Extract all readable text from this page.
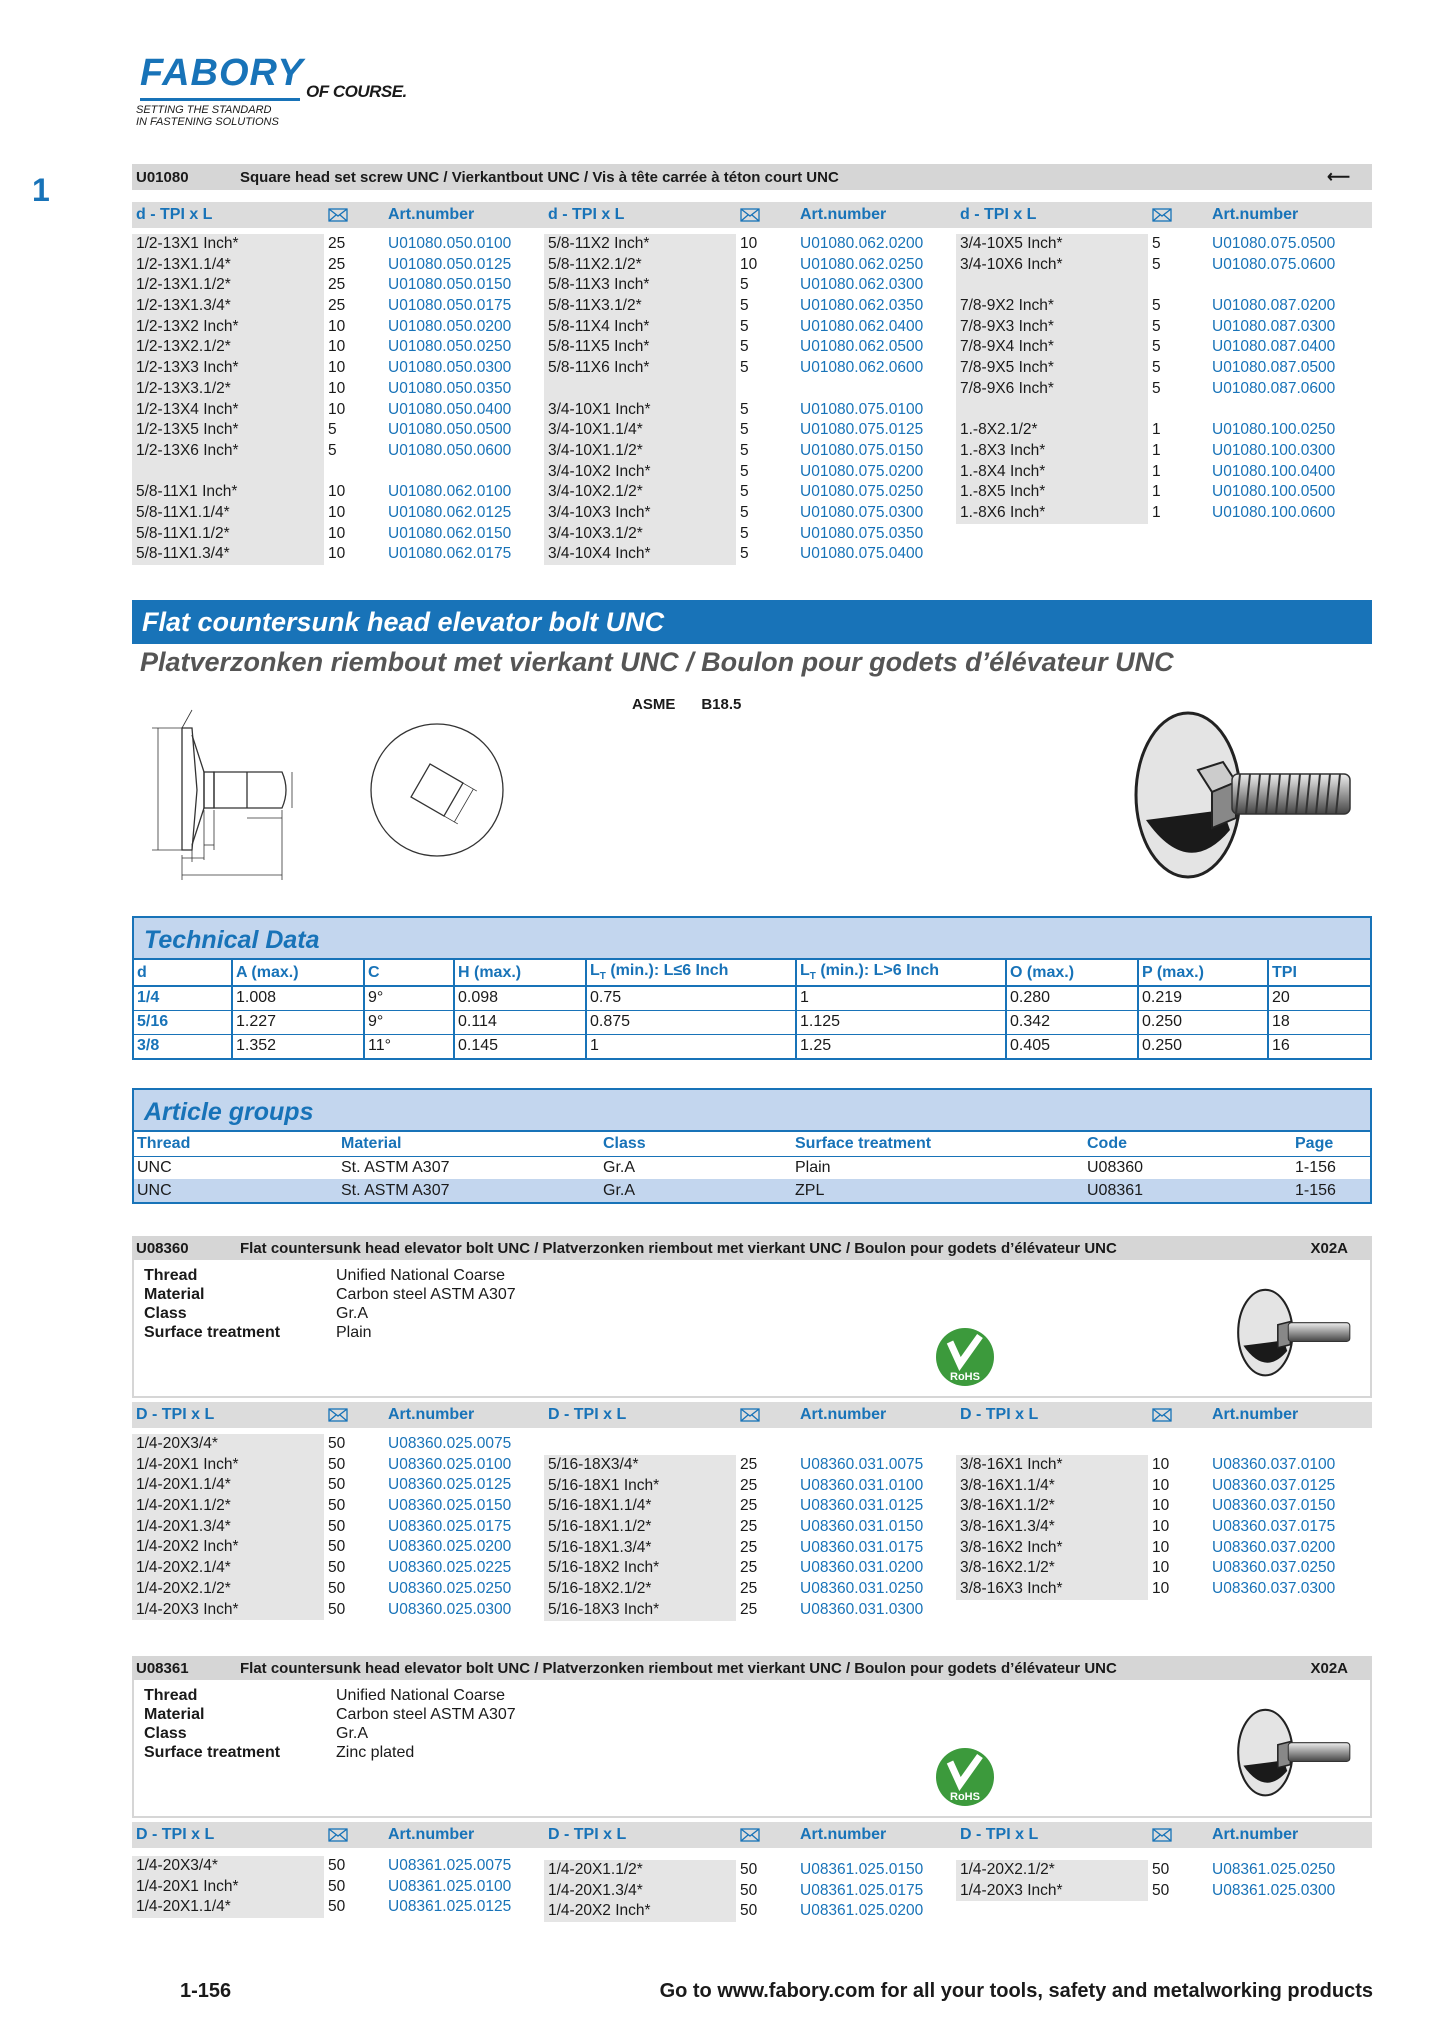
FABORY OF COURSE.
SETTING THE STANDARD
IN FASTENING SOLUTIONS
1	U01080	Square head set screw UNC / Vierkantbout UNC / Vis à tête carrée à téton court UNC	⟵
d - TPI x L	Art.number	d - TPI x L	Art.number	d - TPI x L	Art.number
1/2-13X1 Inch*	25	U01080.050.0100
1/2-13X1.1/4*	25	U01080.050.0125
1/2-13X1.1/2*	25	U01080.050.0150
1/2-13X1.3/4*	25	U01080.050.0175
1/2-13X2 Inch*	10	U01080.050.0200
1/2-13X2.1/2*	10	U01080.050.0250
1/2-13X3 Inch*	10	U01080.050.0300
1/2-13X3.1/2*	10	U01080.050.0350
1/2-13X4 Inch*	10	U01080.050.0400
1/2-13X5 Inch*	5	U01080.050.0500
1/2-13X6 Inch*	5	U01080.050.0600
5/8-11X1 Inch*	10	U01080.062.0100
5/8-11X1.1/4*	10	U01080.062.0125
5/8-11X1.1/2*	10	U01080.062.0150
5/8-11X1.3/4*	10	U01080.062.0175
5/8-11X2 Inch*	10	U01080.062.0200
5/8-11X2.1/2*	10	U01080.062.0250
5/8-11X3 Inch*	5	U01080.062.0300
5/8-11X3.1/2*	5	U01080.062.0350
5/8-11X4 Inch*	5	U01080.062.0400
5/8-11X5 Inch*	5	U01080.062.0500
5/8-11X6 Inch*	5	U01080.062.0600
3/4-10X1 Inch*	5	U01080.075.0100
3/4-10X1.1/4*	5	U01080.075.0125
3/4-10X1.1/2*	5	U01080.075.0150
3/4-10X2 Inch*	5	U01080.075.0200
3/4-10X2.1/2*	5	U01080.075.0250
3/4-10X3 Inch*	5	U01080.075.0300
3/4-10X3.1/2*	5	U01080.075.0350
3/4-10X4 Inch*	5	U01080.075.0400
3/4-10X5 Inch*	5	U01080.075.0500
3/4-10X6 Inch*	5	U01080.075.0600
7/8-9X2 Inch*	5	U01080.087.0200
7/8-9X3 Inch*	5	U01080.087.0300
7/8-9X4 Inch*	5	U01080.087.0400
7/8-9X5 Inch*	5	U01080.087.0500
7/8-9X6 Inch*	5	U01080.087.0600
1.-8X2.1/2*	1	U01080.100.0250
1.-8X3 Inch*	1	U01080.100.0300
1.-8X4 Inch*	1	U01080.100.0400
1.-8X5 Inch*	1	U01080.100.0500
1.-8X6 Inch*	1	U01080.100.0600
Flat countersunk head elevator bolt UNC
Platverzonken riembout met vierkant UNC / Boulon pour godets d’élévateur UNC
ASME B18.5
Technical Data
d	A (max.)	C	H (max.)	$L_T$ (min.): L≤6 Inch	$L_T$ (min.): L>6 Inch	O (max.)	P (max.)	TPI
1/4	1.008	9°	0.098	0.75	1	0.280	0.219	20
5/16	1.227	9°	0.114	0.875	1.125	0.342	0.250	18
3/8	1.352	11°	0.145	1	1.25	0.405	0.250	16
Article groups
Thread	Material	Class	Surface treatment	Code	Page
UNC	St. ASTM A307	Gr.A	Plain	U08360	1-156
UNC	St. ASTM A307	Gr.A	ZPL	U08361	1-156
U08360	Flat countersunk head elevator bolt UNC / Platverzonken riembout met vierkant UNC / Boulon pour godets d’élévateur UNC	X02A
Thread	Unified National Coarse
Material	Carbon steel ASTM A307
Class	Gr.A
Surface treatment	Plain
RoHS
D - TPI x L	Art.number	D - TPI x L	Art.number	D - TPI x L	Art.number
1/4-20X3/4*	50	U08360.025.0075
1/4-20X1 Inch*	50	U08360.025.0100
1/4-20X1.1/4*	50	U08360.025.0125
1/4-20X1.1/2*	50	U08360.025.0150
1/4-20X1.3/4*	50	U08360.025.0175
1/4-20X2 Inch*	50	U08360.025.0200
1/4-20X2.1/4*	50	U08360.025.0225
1/4-20X2.1/2*	50	U08360.025.0250
1/4-20X3 Inch*	50	U08360.025.0300
5/16-18X3/4*	25	U08360.031.0075
5/16-18X1 Inch*	25	U08360.031.0100
5/16-18X1.1/4*	25	U08360.031.0125
5/16-18X1.1/2*	25	U08360.031.0150
5/16-18X1.3/4*	25	U08360.031.0175
5/16-18X2 Inch*	25	U08360.031.0200
5/16-18X2.1/2*	25	U08360.031.0250
5/16-18X3 Inch*	25	U08360.031.0300
3/8-16X1 Inch*	10	U08360.037.0100
3/8-16X1.1/4*	10	U08360.037.0125
3/8-16X1.1/2*	10	U08360.037.0150
3/8-16X1.3/4*	10	U08360.037.0175
3/8-16X2 Inch*	10	U08360.037.0200
3/8-16X2.1/2*	10	U08360.037.0250
3/8-16X3 Inch*	10	U08360.037.0300
U08361	Flat countersunk head elevator bolt UNC / Platverzonken riembout met vierkant UNC / Boulon pour godets d’élévateur UNC	X02A
Thread	Unified National Coarse
Material	Carbon steel ASTM A307
Class	Gr.A
Surface treatment	Zinc plated
RoHS
D - TPI x L	Art.number	D - TPI x L	Art.number	D - TPI x L	Art.number
1/4-20X3/4*	50	U08361.025.0075
1/4-20X1 Inch*	50	U08361.025.0100
1/4-20X1.1/4*	50	U08361.025.0125
1/4-20X1.1/2*	50	U08361.025.0150
1/4-20X1.3/4*	50	U08361.025.0175
1/4-20X2 Inch*	50	U08361.025.0200
1/4-20X2.1/2*	50	U08361.025.0250
1/4-20X3 Inch*	50	U08361.025.0300
1-156	Go to www.fabory.com for all your tools, safety and metalworking products
